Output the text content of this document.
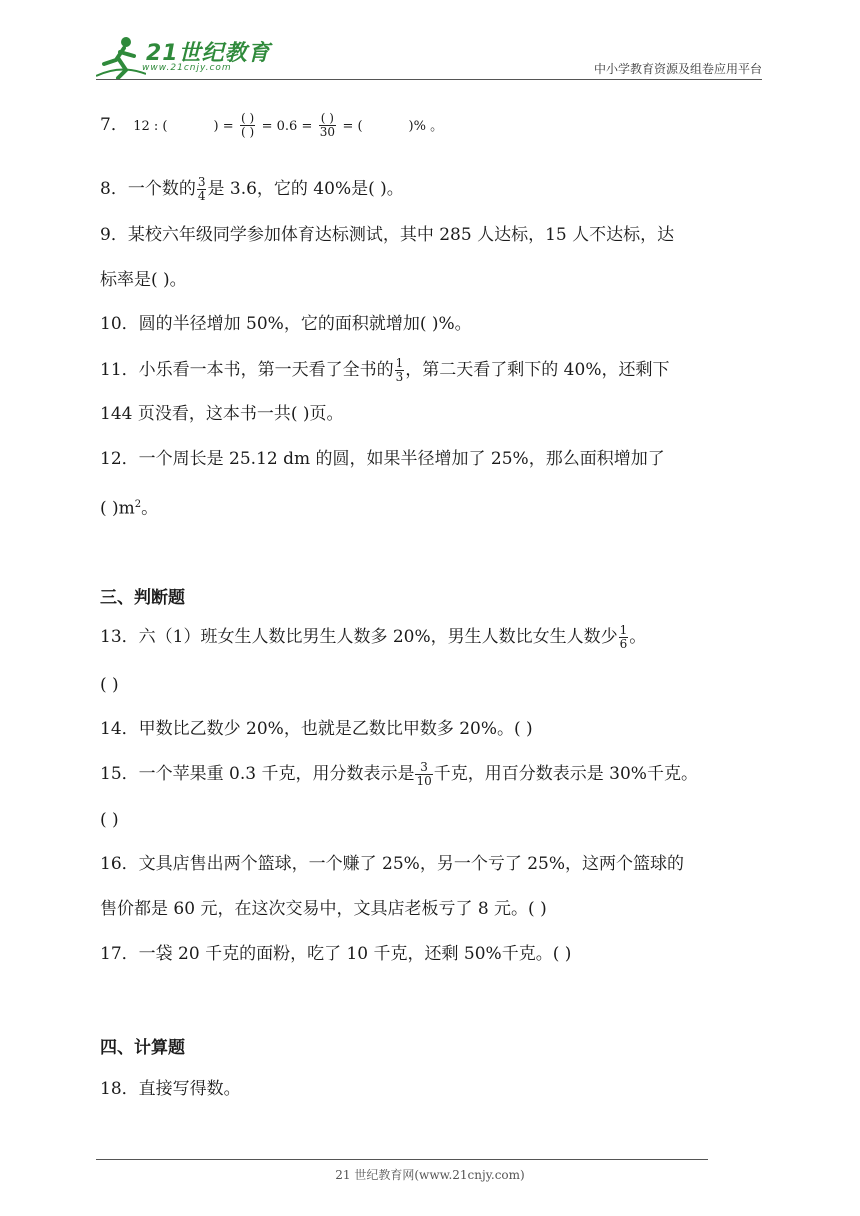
21世纪教育
www.21cnjy.com	中小学教育资源及组卷应用平台
7． 12 : (	) = $\frac{( )}{( )} = 0.6 = \frac{( )}{30}$ = (	)% 。
8．一个数的 $\frac{3}{4}$ 是 3.6，它的 40%是( )。
9．某校六年级同学参加体育达标测试，其中 285 人达标，15 人不达标，达
标率是( )。
10．圆的半径增加 50%，它的面积就增加( )%。
11．小乐看一本书，第一天看了全书的 $\frac{1}{3}$ ，第二天看了剩下的 40%，还剩下
144 页没看，这本书一共( )页。
12．一个周长是 25.12 dm 的圆，如果半径增加了 25%，那么面积增加了
( )$m^2$。
三、判断题
13．六（1）班女生人数比男生人数多 20%，男生人数比女生人数少 $\frac{1}{6}$ 。
( )
14．甲数比乙数少 20%，也就是乙数比甲数多 20%。( )
15．一个苹果重 0.3 千克，用分数表示是 $\frac{3}{10}$ 千克，用百分数表示是 30%千克。
( )
16．文具店售出两个篮球，一个赚了 25%，另一个亏了 25%，这两个篮球的
售价都是 60 元，在这次交易中，文具店老板亏了 8 元。( )
17．一袋 20 千克的面粉，吃了 10 千克，还剩 50%千克。( )
四、计算题
18．直接写得数。
21 世纪教育网(www.21cnjy.com)
